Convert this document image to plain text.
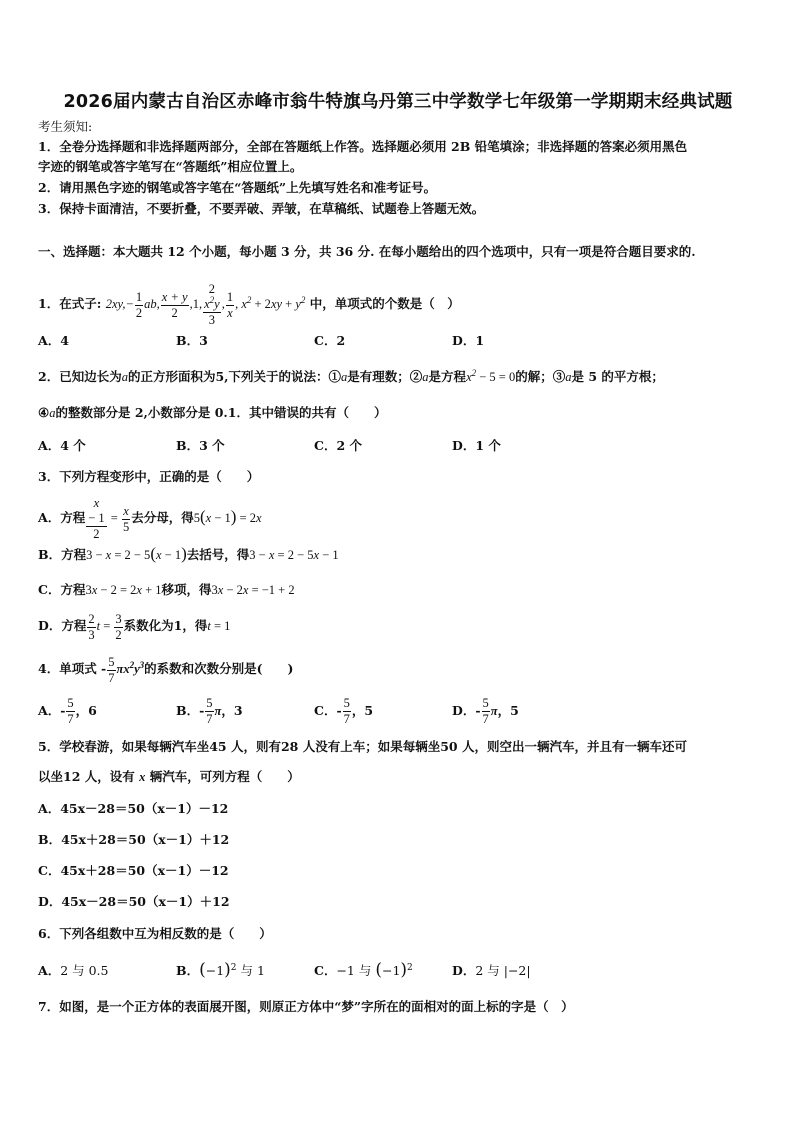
2026届内蒙古自治区赤峰市翁牛特旗乌丹第三中学数学七年级第一学期期末经典试题
考生须知:
1．全卷分选择题和非选择题两部分，全部在答题纸上作答。选择题必须用 2B 铅笔填涂；非选择题的答案必须用黑色
字迹的钢笔或答字笔写在“答题纸”相应位置上。
2．请用黑色字迹的钢笔或答字笔在“答题纸”上先填写姓名和准考证号。
3．保持卡面清洁，不要折叠，不要弄破、弄皱，在草稿纸、试题卷上答题无效。
一、选择题：本大题共 12 个小题，每小题 3 分，共 36 分. 在每小题给出的四个选项中，只有一项是符合题目要求的.
1．在式子: $2xy,- \frac{1}{2}$ ab, $\frac{x + y}{2} ,1$, 2
$x^2y$
3 , $\frac{1}{x}$ , $x^2 + 2xy + y^2$ 中，单项式的个数是（　）
A．4	B．3	C．2	D．1
2．已知边长为a的正方形面积为5,下列关于的说法：①a是有理数；②a是方程$x^2 - 5 = 0$的解；③a是 5 的平方根；
④a的整数部分是 2,小数部分是 0.1．其中错误的共有（　　）
A．4 个	B．3 个	C．2 个	D．1 个
3．下列方程变形中，正确的是（　　）
A．方程 x
− 1
$2 = \frac{x}{5}$ 去分母，得5(x − 1) = 2x
B．方程3 − x = 2 − 5(x − 1)去括号，得3 − x = 2 − 5x − 1
C．方程3x − 2 = 2x + 1移项，得3x − 2x = −1 + 2
D．方程 $\frac{2}{3}$ $t = \frac{3}{2}$ 系数化为1，得t = 1
4．单项式 - $\frac{5}{7} \pi x^2y^3$的系数和次数分别是(　　)
A．- $\frac{5}{7}$ ，6	B．- $\frac{5}{7}$ π，3	C．- $\frac{5}{7}$ ，5	D．- $\frac{5}{7}$ π，5
5．学校春游，如果每辆汽车坐45 人，则有28 人没有上车；如果每辆坐50 人，则空出一辆汽车，并且有一辆车还可
以坐12 人，设有 x 辆汽车，可列方程（　　）
A．45x－28＝50（x－1）－12
B．45x＋28＝50（x－1）＋12
C．45x＋28＝50（x－1）－12
D．45x－28＝50（x－1）＋12
6．下列各组数中互为相反数的是（　　）
A．2 与 0.5	B．$(-1)^2$ 与 1	C．−1 与 $(-1)^2$	D．2 与 |−2|
7．如图，是一个正方体的表面展开图，则原正方体中“梦”字所在的面相对的面上标的字是（　）
